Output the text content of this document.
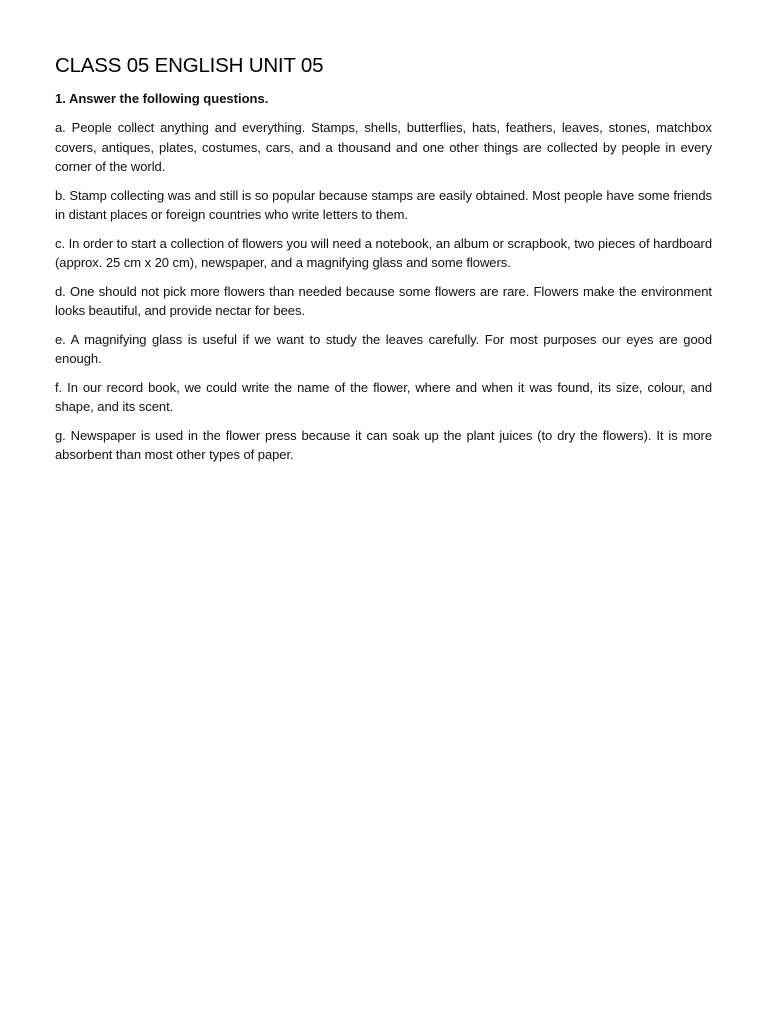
CLASS 05 ENGLISH UNIT 05

1. Answer the following questions.

a. People collect anything and everything. Stamps, shells, butterflies, hats, feathers, leaves, stones, matchbox covers, antiques, plates, costumes, cars, and a thousand and one other things are collected by people in every corner of the world.

b. Stamp collecting was and still is so popular because stamps are easily obtained. Most people have some friends in distant places or foreign countries who write letters to them.

c. In order to start a collection of flowers you will need a notebook, an album or scrapbook, two pieces of hardboard (approx. 25 cm x 20 cm), newspaper, and a magnifying glass and some flowers.

d. One should not pick more flowers than needed because some flowers are rare. Flowers make the environment looks beautiful, and provide nectar for bees.

e. A magnifying glass is useful if we want to study the leaves carefully. For most purposes our eyes are good enough.

f. In our record book, we could write the name of the flower, where and when it was found, its size, colour, and shape, and its scent.

g. Newspaper is used in the flower press because it can soak up the plant juices (to dry the flowers). It is more absorbent than most other types of paper.
